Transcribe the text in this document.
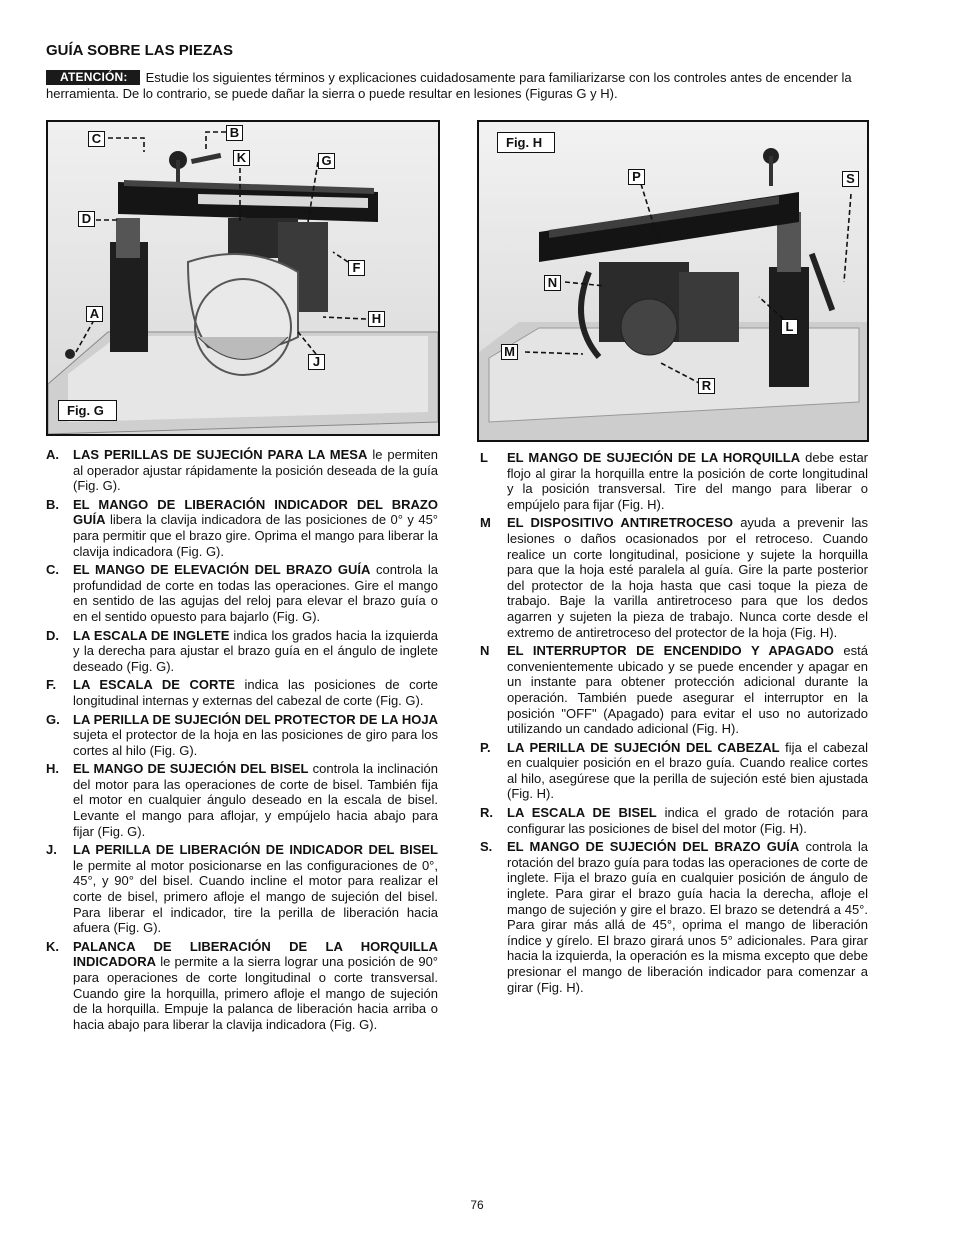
GUÍA SOBRE LAS PIEZAS
ATENCIÓN: Estudie los siguientes términos y explicaciones cuidadosamente para familiarizarse con los controles antes de encender la herramienta. De lo contrario, se puede dañar la sierra o puede resultar en lesiones (Figuras G y H).
C	B
K	G
D
F
A	H
J
Fig. G
Fig. H
P	S
N
L
M
R
A.	LAS PERILLAS DE SUJECIÓN PARA LA MESA le permiten al operador ajustar rápidamente la posición deseada de la guía (Fig. G).
B.	EL MANGO DE LIBERACIÓN INDICADOR DEL BRAZO GUÍA libera la clavija indicadora de las posiciones de 0° y 45° para permitir que el brazo gire. Oprima el mango para liberar la clavija indicadora (Fig. G).
C.	EL MANGO DE ELEVACIÓN DEL BRAZO GUÍA controla la profundidad de corte en todas las operaciones. Gire el mango en sentido de las agujas del reloj para elevar el brazo guía o en el sentido opuesto para bajarlo (Fig. G).
D.	LA ESCALA DE INGLETE indica los grados hacia la izquierda y la derecha para ajustar el brazo guía en el ángulo de inglete deseado (Fig. G).
F.	LA ESCALA DE CORTE indica las posiciones de corte longitudinal internas y externas del cabezal de corte (Fig. G).
G.	LA PERILLA DE SUJECIÓN DEL PROTECTOR DE LA HOJA sujeta el protector de la hoja en las posiciones de giro para los cortes al hilo (Fig. G).
H.	EL MANGO DE SUJECIÓN DEL BISEL controla la inclinación del motor para las operaciones de corte de bisel. También fija el motor en cualquier ángulo deseado en la escala de bisel. Levante el mango para aflojar, y empújelo hacia abajo para fijar (Fig. G).
J.	LA PERILLA DE LIBERACIÓN DE INDICADOR DEL BISEL le permite al motor posicionarse en las configuraciones de 0°, 45°, y 90° del bisel. Cuando incline el motor para realizar el corte de bisel, primero afloje el mango de sujeción del bisel. Para liberar el indicador, tire la perilla de liberación hacia afuera (Fig. G).
K.	PALANCA DE LIBERACIÓN DE LA HORQUILLA INDICADORA le permite a la sierra lograr una posición de 90° para operaciones de corte longitudinal o corte transversal. Cuando gire la horquilla, primero afloje el mango de sujeción de la horquilla. Empuje la palanca de liberación hacia arriba o hacia abajo para liberar la clavija indicadora (Fig. G).
L	EL MANGO DE SUJECIÓN DE LA HORQUILLA debe estar flojo al girar la horquilla entre la posición de corte longitudinal y la posición transversal. Tire del mango para liberar o empújelo para fijar (Fig. H).
M	EL DISPOSITIVO ANTIRETROCESO ayuda a prevenir las lesiones o daños ocasionados por el retroceso. Cuando realice un corte longitudinal, posicione y sujete la horquilla para que la hoja esté paralela al guía. Gire la parte posterior del protector de la hoja hasta que casi toque la pieza de trabajo. Baje la varilla antiretroceso para que los dedos agarren y sujeten la pieza de trabajo. Nunca corte desde el extremo de antiretroceso del protector de la hoja (Fig. H).
N	EL INTERRUPTOR DE ENCENDIDO Y APAGADO está convenientemente ubicado y se puede encender y apagar en un instante para obtener protección adicional durante la operación. También puede asegurar el interruptor en la posición "OFF" (Apagado) para evitar el uso no autorizado utilizando un candado adicional (Fig. H).
P.	LA PERILLA DE SUJECIÓN DEL CABEZAL fija el cabezal en cualquier posición en el brazo guía. Cuando realice cortes al hilo, asegúrese que la perilla de sujeción esté bien ajustada (Fig. H).
R.	LA ESCALA DE BISEL indica el grado de rotación para configurar las posiciones de bisel del motor (Fig. H).
S.	EL MANGO DE SUJECIÓN DEL BRAZO GUÍA controla la rotación del brazo guía para todas las operaciones de corte de inglete. Fija el brazo guía en cualquier posición de ángulo de inglete. Para girar el brazo guía hacia la derecha, afloje el mango de sujeción y gire el brazo. El brazo se detendrá a 45°. Para girar más allá de 45°, oprima el mango de liberación índice y gírelo. El brazo girará unos 5° adicionales. Para girar hacia la izquierda, la operación es la misma excepto que debe presionar el mango de liberación indicador para comenzar a girar (Fig. H).
76
